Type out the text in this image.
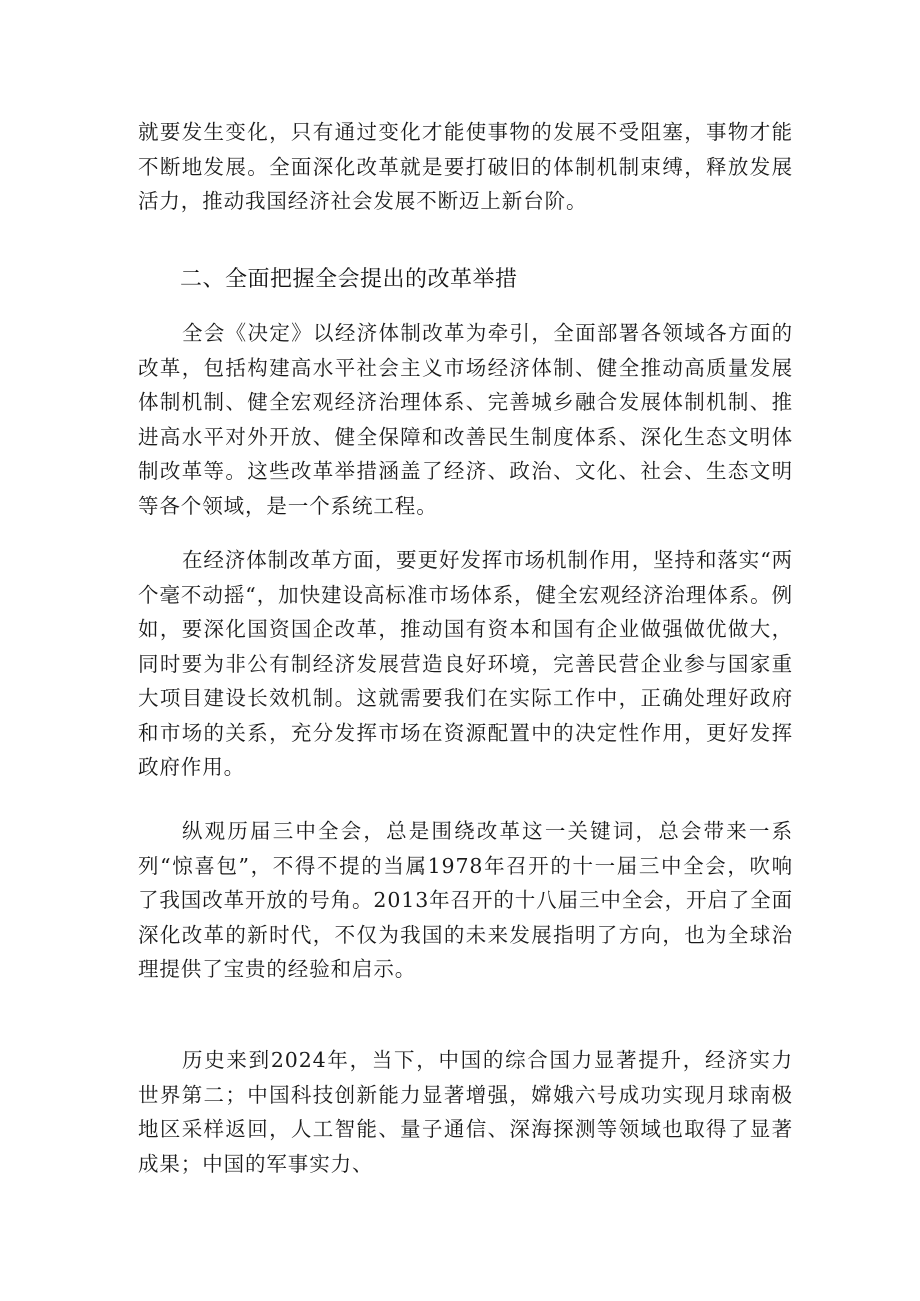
就要发生变化，只有通过变化才能使事物的发展不受阻塞，事物才能不断地发展。全面深化改革就是要打破旧的体制机制束缚，释放发展活力，推动我国经济社会发展不断迈上新台阶。

二、全面把握全会提出的改革举措

全会《决定》以经济体制改革为牵引，全面部署各领域各方面的改革，包括构建高水平社会主义市场经济体制、健全推动高质量发展体制机制、健全宏观经济治理体系、完善城乡融合发展体制机制、推进高水平对外开放、健全保障和改善民生制度体系、深化生态文明体制改革等。这些改革举措涵盖了经济、政治、文化、社会、生态文明等各个领域，是一个系统工程。

在经济体制改革方面，要更好发挥市场机制作用，坚持和落实“两个毫不动摇“，加快建设高标准市场体系，健全宏观经济治理体系。例如，要深化国资国企改革，推动国有资本和国有企业做强做优做大，同时要为非公有制经济发展营造良好环境，完善民营企业参与国家重大项目建设长效机制。这就需要我们在实际工作中，正确处理好政府和市场的关系，充分发挥市场在资源配置中的决定性作用，更好发挥政府作用。

纵观历届三中全会，总是围绕改革这一关键词，总会带来一系列“惊喜包”，不得不提的当属1978年召开的十一届三中全会，吹响了我国改革开放的号角。2013年召开的十八届三中全会，开启了全面深化改革的新时代，不仅为我国的未来发展指明了方向，也为全球治理提供了宝贵的经验和启示。

历史来到2024年，当下，中国的综合国力显著提升，经济实力世界第二；中国科技创新能力显著增强，嫦娥六号成功实现月球南极地区采样返回，人工智能、量子通信、深海探测等领域也取得了显著成果；中国的军事实力、
